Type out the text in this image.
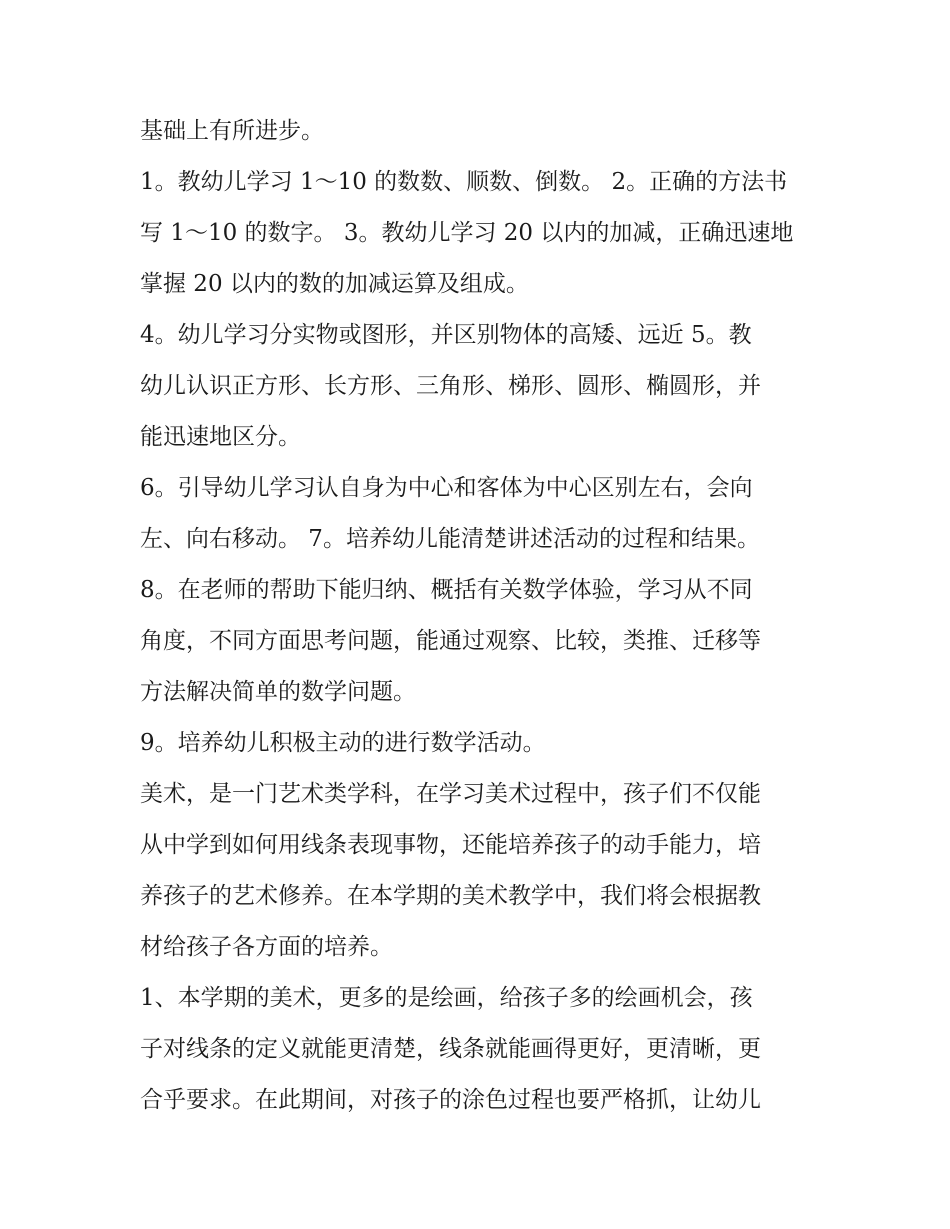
基础上有所进步。
1。教幼儿学习 1～10 的数数、顺数、倒数。 2。正确的方法书
写 1～10 的数字。 3。教幼儿学习 20 以内的加减，正确迅速地
掌握 20 以内的数的加减运算及组成。
4。幼儿学习分实物或图形，并区别物体的高矮、远近 5。教
幼儿认识正方形、长方形、三角形、梯形、圆形、椭圆形，并
能迅速地区分。
6。引导幼儿学习认自身为中心和客体为中心区别左右，会向
左、向右移动。 7。培养幼儿能清楚讲述活动的过程和结果。
8。在老师的帮助下能归纳、概括有关数学体验，学习从不同
角度，不同方面思考问题，能通过观察、比较，类推、迁移等
方法解决简单的数学问题。
9。培养幼儿积极主动的进行数学活动。
美术，是一门艺术类学科，在学习美术过程中，孩子们不仅能
从中学到如何用线条表现事物，还能培养孩子的动手能力，培
养孩子的艺术修养。在本学期的美术教学中，我们将会根据教
材给孩子各方面的培养。
1、本学期的美术，更多的是绘画，给孩子多的绘画机会，孩
子对线条的定义就能更清楚，线条就能画得更好，更清晰，更
合乎要求。在此期间，对孩子的涂色过程也要严格抓，让幼儿
